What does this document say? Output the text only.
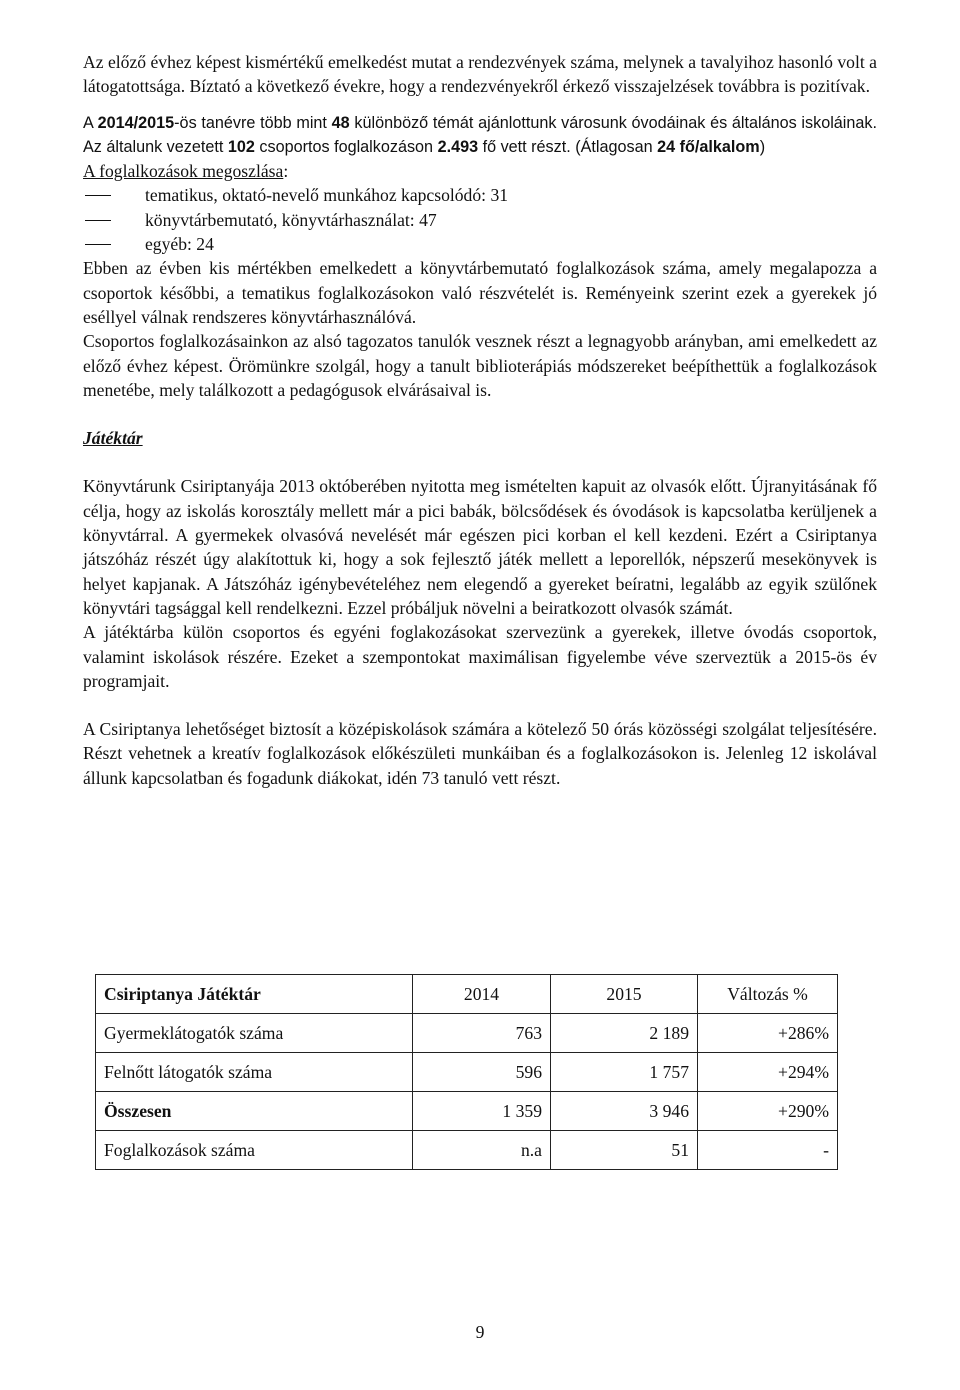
Az előző évhez képest kismértékű emelkedést mutat a rendezvények száma, melynek a tavalyihoz hasonló volt a látogatottsága. Bíztató a következő évekre, hogy a rendezvényekről érkező visszajelzések továbbra is pozitívak.

A 2014/2015-ös tanévre több mint 48 különböző témát ajánlottunk városunk óvodáinak és általános iskoláinak. Az általunk vezetett 102 csoportos foglalkozáson 2.493 fő vett részt. (Átlagosan 24 fő/alkalom)

A foglalkozások megoszlása:

tematikus, oktató-nevelő munkához kapcsolódó: 31
könyvtárbemutató, könyvtárhasználat: 47
egyéb: 24

Ebben az évben kis mértékben emelkedett a könyvtárbemutató foglalkozások száma, amely megalapozza a csoportok későbbi, a tematikus foglalkozásokon való részvételét is. Reményeink szerint ezek a gyerekek jó eséllyel válnak rendszeres könyvtárhasználóvá.

Csoportos foglalkozásainkon az alsó tagozatos tanulók vesznek részt a legnagyobb arányban, ami emelkedett az előző évhez képest. Örömünkre szolgál, hogy a tanult biblioterápiás módszereket beépíthettük a foglalkozások menetébe, mely találkozott a pedagógusok elvárásaival is.

Játéktár

Könyvtárunk Csiriptanyája 2013 októberében nyitotta meg ismételten kapuit az olvasók előtt. Újranyitásának fő célja, hogy az iskolás korosztály mellett már a pici babák, bölcsődések és óvodások is kapcsolatba kerüljenek a könyvtárral. A gyermekek olvasóvá nevelését már egészen pici korban el kell kezdeni. Ezért a Csiriptanya játszóház részét úgy alakítottuk ki, hogy a sok fejlesztő játék mellett a leporellók, népszerű mesekönyvek is helyet kapjanak. A Játszóház igénybevételéhez nem elegendő a gyereket beíratni, legalább az egyik szülőnek könyvtári tagsággal kell rendelkezni. Ezzel próbáljuk növelni a beiratkozott olvasók számát.

A játéktárba külön csoportos és egyéni foglakozásokat szervezünk a gyerekek, illetve óvodás csoportok, valamint iskolások részére. Ezeket a szempontokat maximálisan figyelembe véve szerveztük a 2015-ös év programjait.

A Csiriptanya lehetőséget biztosít a középiskolások számára a kötelező 50 órás közösségi szolgálat teljesítésére. Részt vehetnek a kreatív foglalkozások előkészületi munkáiban és a foglalkozásokon is. Jelenleg 12 iskolával állunk kapcsolatban és fogadunk diákokat, idén 73 tanuló vett részt.

Csiriptanya Játéktár	2014	2015	Változás %
Gyermeklátogatók száma	763	2 189	+286%
Felnőtt látogatók száma	596	1 757	+294%
Összesen	1 359	3 946	+290%
Foglalkozások száma	n.a	51	-
9
